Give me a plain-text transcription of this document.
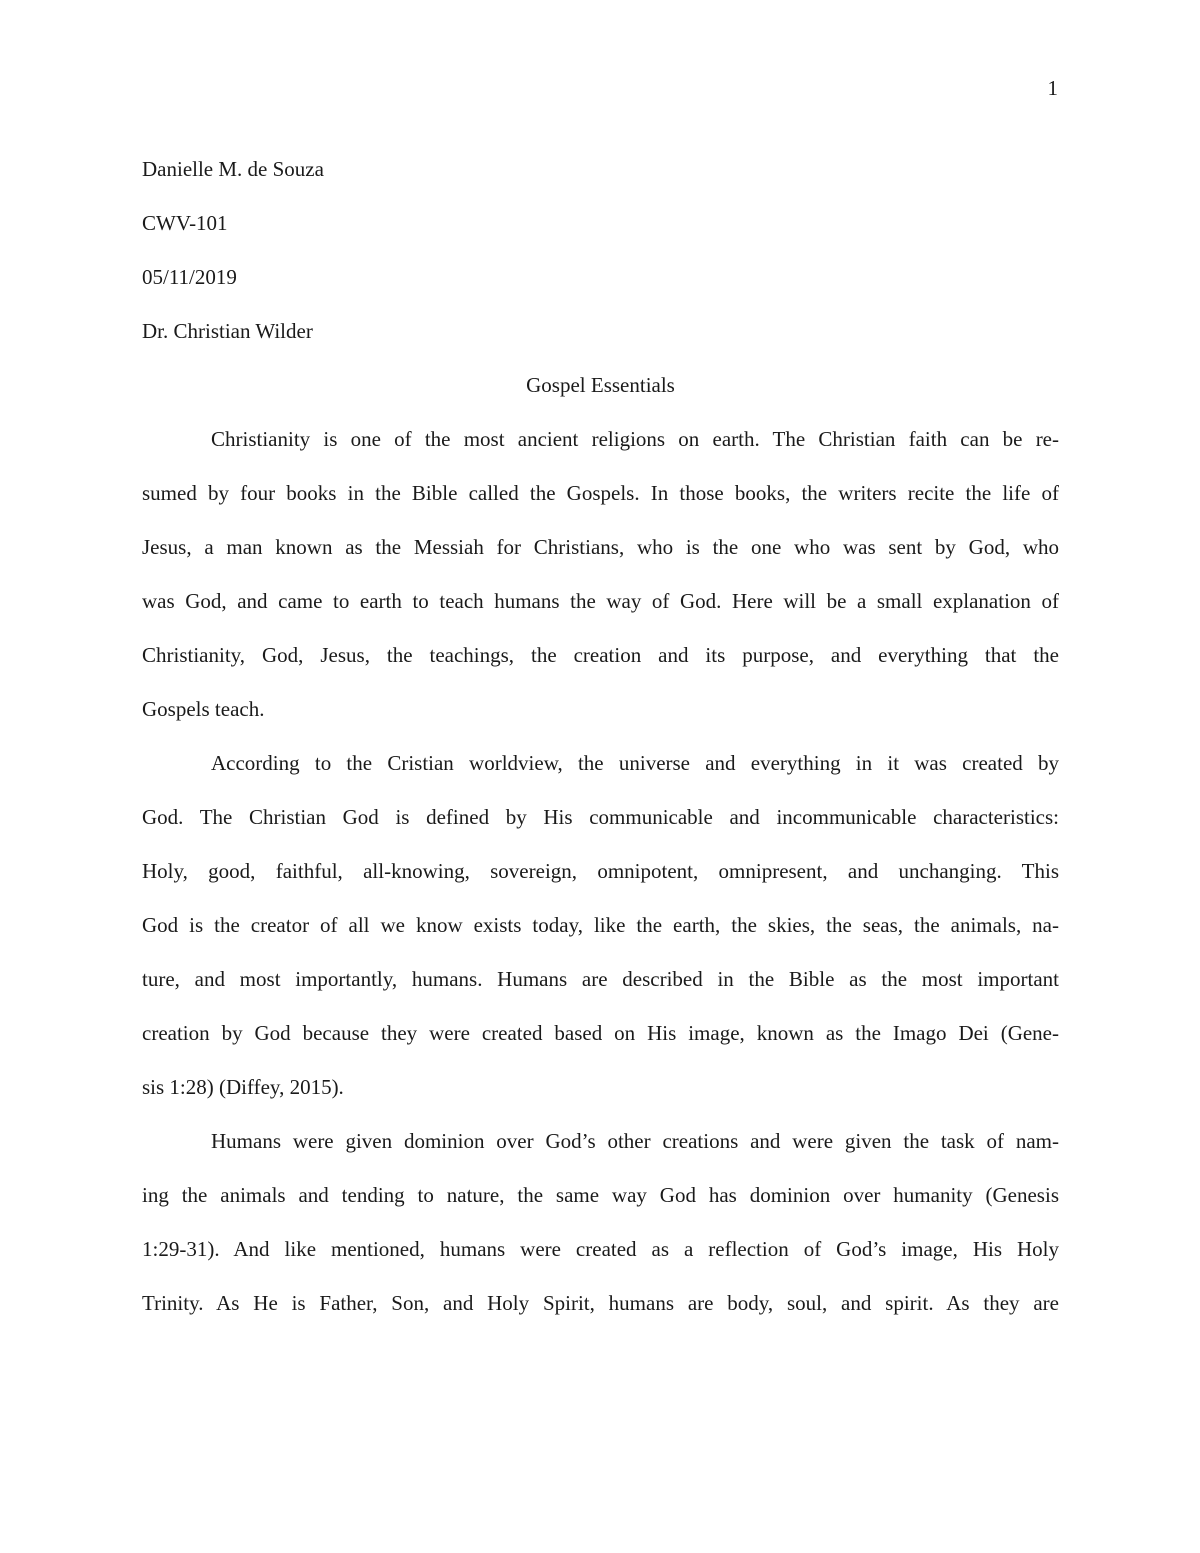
1

Danielle M. de Souza

CWV-101

05/11/2019

Dr. Christian Wilder

Gospel Essentials

Christianity is one of the most ancient religions on earth. The Christian faith can be re-
sumed by four books in the Bible called the Gospels. In those books, the writers recite the life of
Jesus, a man known as the Messiah for Christians, who is the one who was sent by God, who
was God, and came to earth to teach humans the way of God. Here will be a small explanation of
Christianity, God, Jesus, the teachings, the creation and its purpose, and everything that the
Gospels teach.
According to the Cristian worldview, the universe and everything in it was created by
God. The Christian God is defined by His communicable and incommunicable characteristics:
Holy, good, faithful, all-knowing, sovereign, omnipotent, omnipresent, and unchanging. This
God is the creator of all we know exists today, like the earth, the skies, the seas, the animals, na-
ture, and most importantly, humans. Humans are described in the Bible as the most important
creation by God because they were created based on His image, known as the Imago Dei (Gene-
sis 1:28) (Diffey, 2015).
Humans were given dominion over God’s other creations and were given the task of nam-
ing the animals and tending to nature, the same way God has dominion over humanity (Genesis
1:29-31). And like mentioned, humans were created as a reflection of God’s image, His Holy
Trinity. As He is Father, Son, and Holy Spirit, humans are body, soul, and spirit. As they are
